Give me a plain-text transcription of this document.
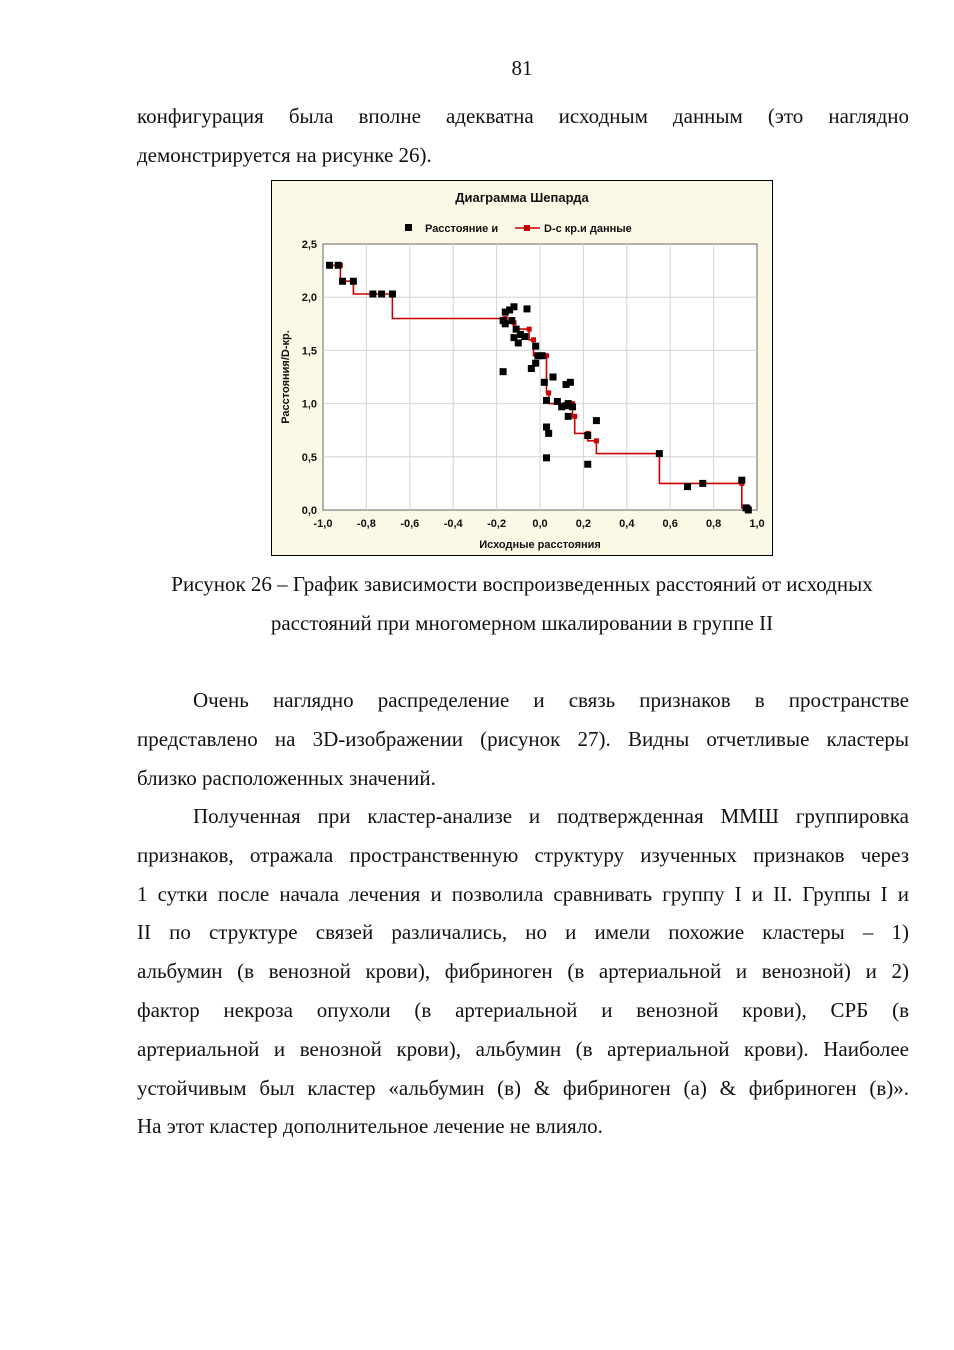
81

конфигурация была вполне адекватна исходным данным (это наглядно
демонстрируется на рисунке 26).

Диаграмма Шепарда
Расстояние и	D-с кр.и данные
-1,0 -0,8 -0,6 -0,4 -0,2 0,0	0,2	0,4	0,6	0,8	1,0
0,0
0,5
1,0
1,5
2,0
2,5
Исходные расстояния
Расстояния/D-кр.
Рисунок 26 – График зависимости воспроизведенных расстояний от исходных
расстояний при многомерном шкалировании в группе II

Очень наглядно распределение и связь признаков в пространстве
представлено на 3D-изображении (рисунок 27). Видны отчетливые кластеры
близко расположенных значений.

Полученная при кластер-анализе и подтвержденная ММШ группировка
признаков, отражала пространственную структуру изученных признаков через
1 сутки после начала лечения и позволила сравнивать группу I и II. Группы I и
II по структуре связей различались, но и имели похожие кластеры – 1)
альбумин (в венозной крови), фибриноген (в артериальной и венозной) и 2)
фактор некроза опухоли (в артериальной и венозной крови), СРБ (в
артериальной и венозной крови), альбумин (в артериальной крови). Наиболее
устойчивым был кластер «альбумин (в) & фибриноген (а) & фибриноген (в)».
На этот кластер дополнительное лечение не влияло.
